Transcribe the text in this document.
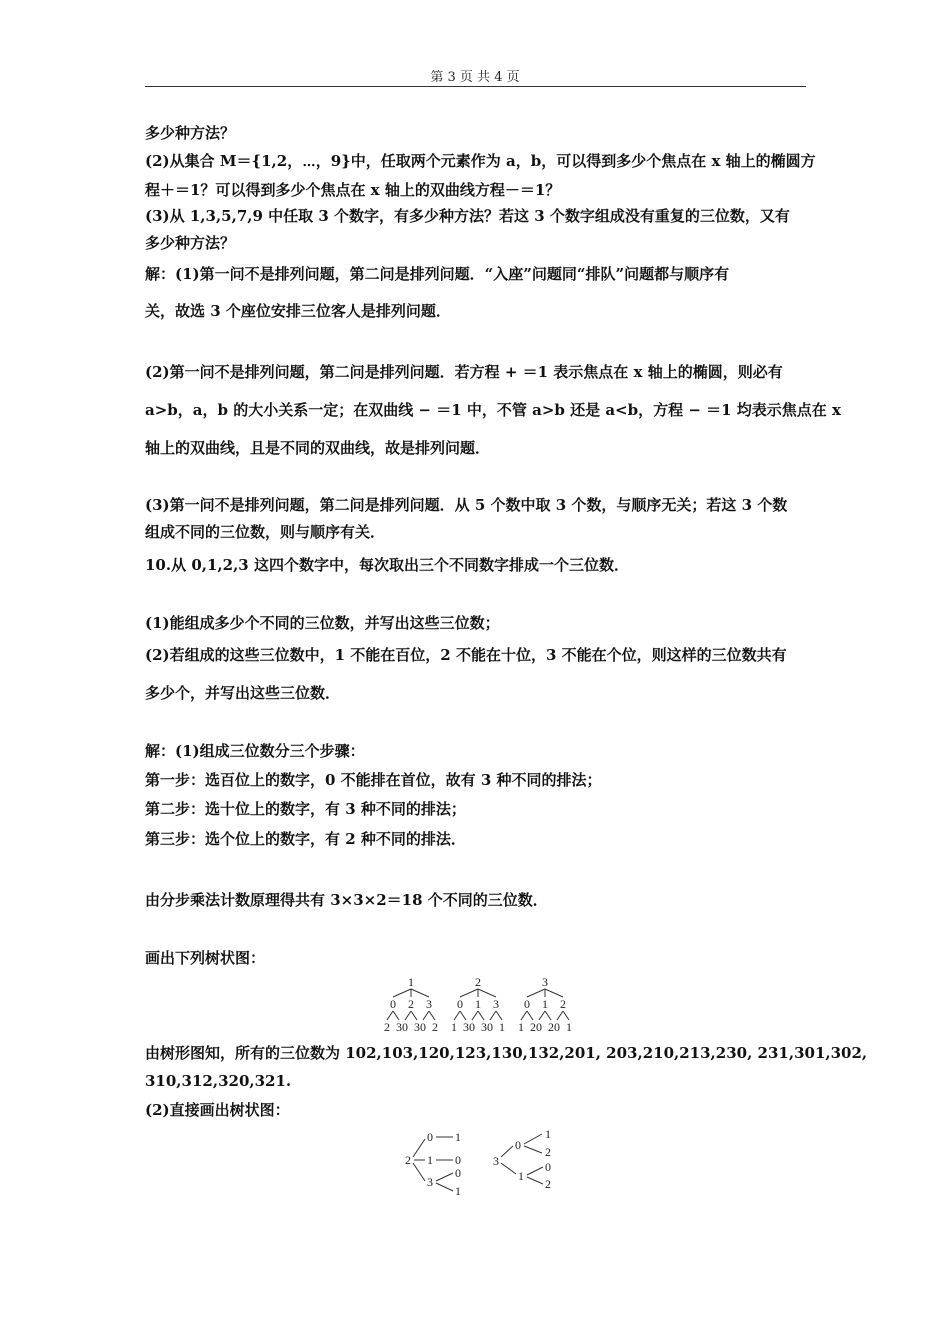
第 3 页 共 4 页
多少种方法？
(2)从集合 M＝{1,2，⋯，9}中，任取两个元素作为 a，b，可以得到多少个焦点在 x 轴上的椭圆方
程＋＝1？可以得到多少个焦点在 x 轴上的双曲线方程－＝1？
(3)从 1,3,5,7,9 中任取 3 个数字，有多少种方法？若这 3 个数字组成没有重复的三位数，又有
多少种方法？
解：(1)第一问不是排列问题，第二问是排列问题．“入座”问题同“排队”问题都与顺序有
关，故选 3 个座位安排三位客人是排列问题．
(2)第一问不是排列问题，第二问是排列问题．若方程 + ＝1 表示焦点在 x 轴上的椭圆，则必有
a>b，a，b 的大小关系一定；在双曲线 − ＝1 中，不管 a>b 还是 a<b，方程 − ＝1 均表示焦点在 x
轴上的双曲线，且是不同的双曲线，故是排列问题．
(3)第一问不是排列问题，第二问是排列问题．从 5 个数中取 3 个数，与顺序无关；若这 3 个数
组成不同的三位数，则与顺序有关．
10.从 0,1,2,3 这四个数字中，每次取出三个不同数字排成一个三位数．
(1)能组成多少个不同的三位数，并写出这些三位数；
(2)若组成的这些三位数中，1 不能在百位，2 不能在十位，3 不能在个位，则这样的三位数共有
多少个，并写出这些三位数．
解：(1)组成三位数分三个步骤：
第一步：选百位上的数字，0 不能排在首位，故有 3 种不同的排法；
第二步：选十位上的数字，有 3 种不同的排法；
第三步：选个位上的数字，有 2 种不同的排法．
由分步乘法计数原理得共有 3×3×2＝18 个不同的三位数．
画出下列树状图：
由树形图知，所有的三位数为 102,103,120,123,130,132,201, 203,210,213,230, 231,301,302,
310,312,320,321.
(2)直接画出树状图：
1
0 2 3
2 3 0 3 0 2
2
0 1 3
1 3 0 3 0 1
3
0 1 2
1 2 0 2 0 1
2
0
1
3
1
0
0
1
3
0
1
1
2
0
2
